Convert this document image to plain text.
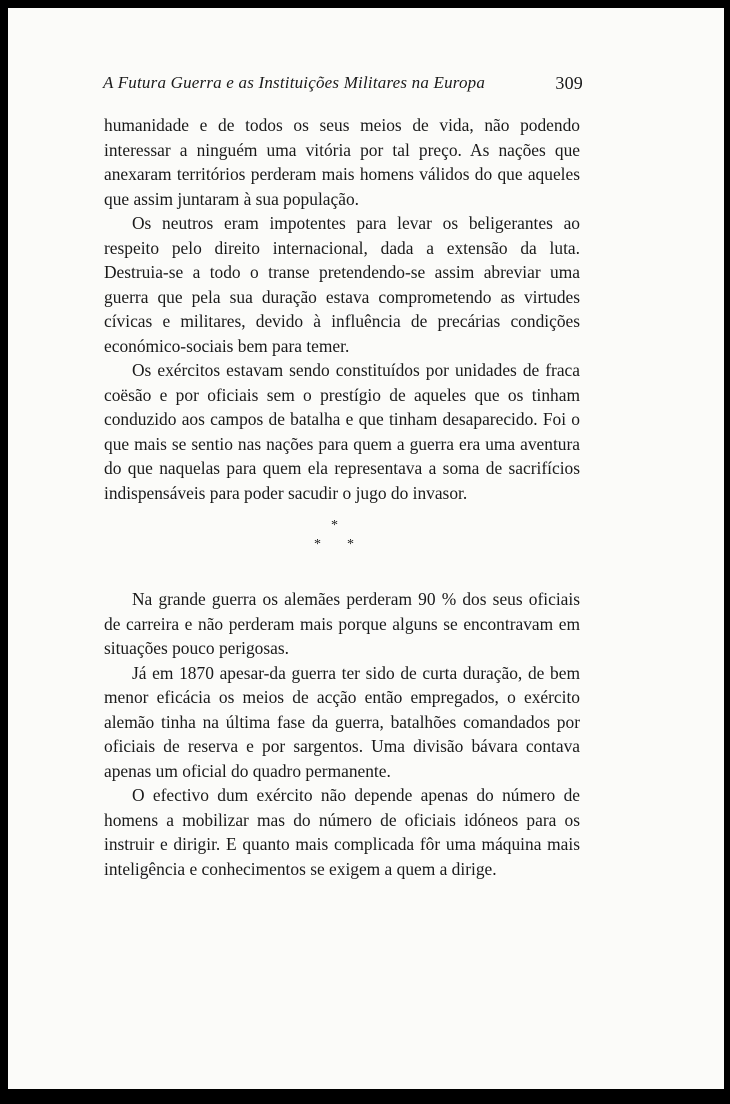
A Futura Guerra e as Instituições Militares na Europa	309

humanidade e de todos os seus meios de vida, não podendo interessar a ninguém uma vitória por tal preço. As nações que anexaram territórios perderam mais homens válidos do que aqueles que assim juntaram à sua população.

Os neutros eram impotentes para levar os beligerantes ao respeito pelo direito internacional, dada a extensão da luta. Destruia-se a todo o transe pretendendo-se assim abreviar uma guerra que pela sua duração estava comprometendo as virtudes cívicas e militares, devido à influência de precárias condições económico-sociais bem para temer.

Os exércitos estavam sendo constituídos por unidades de fraca coësão e por oficiais sem o prestígio de aqueles que os tinham conduzido aos campos de batalha e que tinham desaparecido. Foi o que mais se sentio nas nações para quem a guerra era uma aventura do que naquelas para quem ela representava a soma de sacrifícios indispensáveis para poder sacudir o jugo do invasor.

*
* *

Na grande guerra os alemães perderam 90 % dos seus oficiais de carreira e não perderam mais porque alguns se encontravam em situações pouco perigosas.

Já em 1870 apesar-da guerra ter sido de curta duração, de bem menor eficácia os meios de acção então empregados, o exército alemão tinha na última fase da guerra, batalhões comandados por oficiais de reserva e por sargentos. Uma divisão bávara contava apenas um oficial do quadro permanente.

O efectivo dum exército não depende apenas do número de homens a mobilizar mas do número de oficiais idóneos para os instruir e dirigir. E quanto mais complicada fôr uma máquina mais inteligência e conhecimentos se exigem a quem a dirige.
